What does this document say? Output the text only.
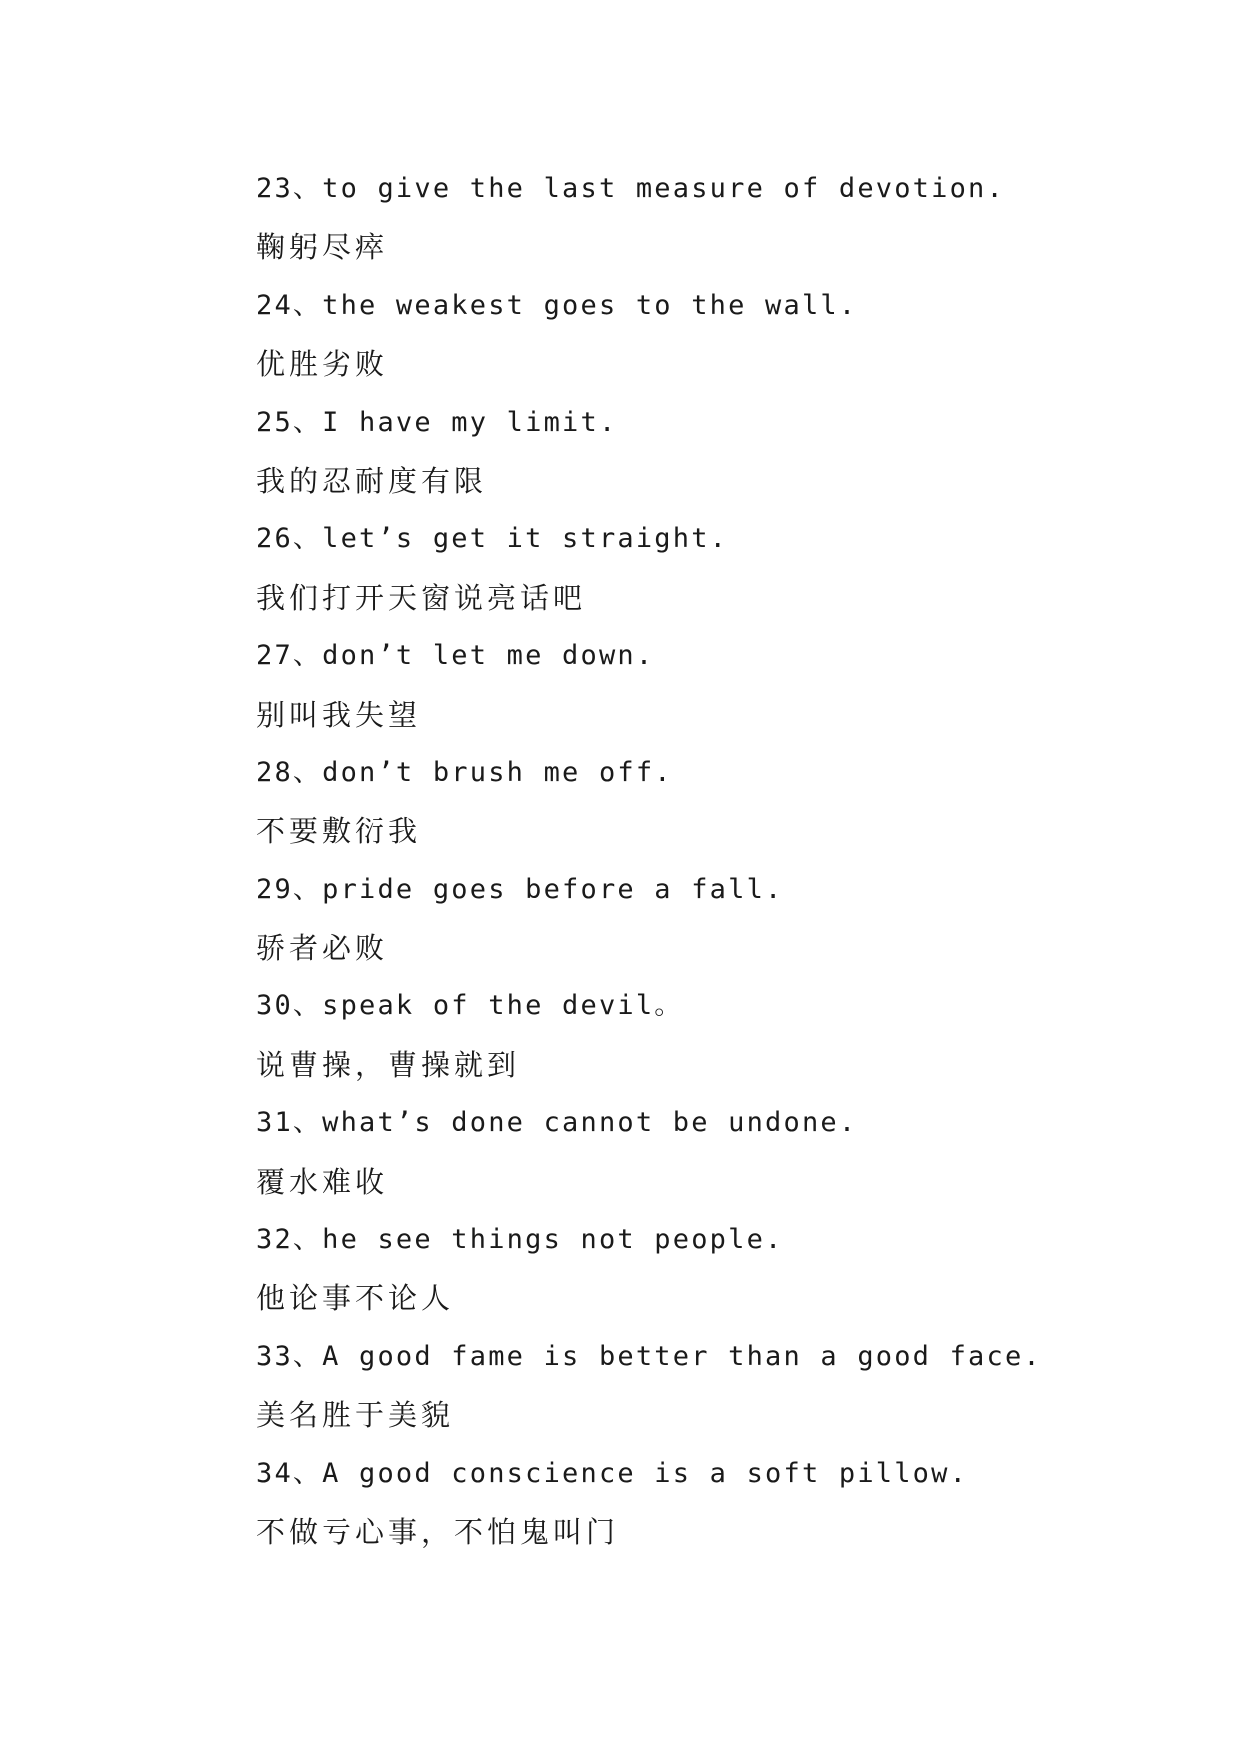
23、to give the last measure of devotion.
鞠躬尽瘁
24、the weakest goes to the wall.
优胜劣败
25、I have my limit.
我的忍耐度有限
26、let’s get it straight.
我们打开天窗说亮话吧
27、don’t let me down.
别叫我失望
28、don’t brush me off.
不要敷衍我
29、pride goes before a fall.
骄者必败
30、speak of the devil。
说曹操，曹操就到
31、what’s done cannot be undone.
覆水难收
32、he see things not people.
他论事不论人
33、A good fame is better than a good face.
美名胜于美貌
34、A good conscience is a soft pillow.
不做亏心事，不怕鬼叫门
